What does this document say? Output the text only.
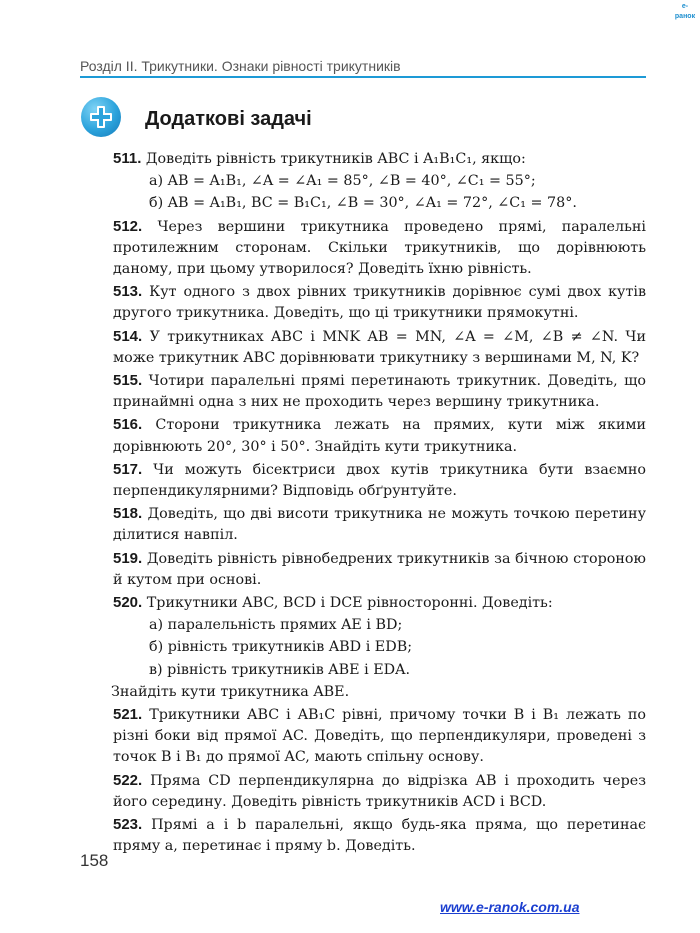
e-ранок
Розділ ІІ. Трикутники. Ознаки рівності трикутників
Додаткові задачі
511. Доведіть рівність трикутників ABC і A₁B₁C₁, якщо:
а) AB = A₁B₁, ∠A = ∠A₁ = 85°, ∠B = 40°, ∠C₁ = 55°;
б) AB = A₁B₁, BC = B₁C₁, ∠B = 30°, ∠A₁ = 72°, ∠C₁ = 78°.
512. Через вершини трикутника проведено прямі, паралельні протилежним сторонам. Скільки трикутників, що дорівнюють даному, при цьому утворилося? Доведіть їхню рівність.
513. Кут одного з двох рівних трикутників дорівнює сумі двох кутів другого трикутника. Доведіть, що ці трикутники прямокутні.
514. У трикутниках ABC і MNK AB = MN, ∠A = ∠M, ∠B ≠ ∠N. Чи може трикутник ABC дорівнювати трикутнику з вершинами M, N, K?
515. Чотири паралельні прямі перетинають трикутник. Доведіть, що принаймні одна з них не проходить через вершину трикутника.
516. Сторони трикутника лежать на прямих, кути між якими дорівнюють 20°, 30° і 50°. Знайдіть кути трикутника.
517. Чи можуть бісектриси двох кутів трикутника бути взаємно перпендикулярними? Відповідь обґрунтуйте.
518. Доведіть, що дві висоти трикутника не можуть точкою перетину ділитися навпіл.
519. Доведіть рівність рівнобедрених трикутників за бічною стороною й кутом при основі.
520. Трикутники ABC, BCD і DCE рівносторонні. Доведіть:
а) паралельність прямих AE і BD;
б) рівність трикутників ABD і EDB;
в) рівність трикутників ABE і EDA.
Знайдіть кути трикутника ABE.
521. Трикутники ABC і AB₁C рівні, причому точки B і B₁ лежать по різні боки від прямої AC. Доведіть, що перпендикуляри, проведені з точок B і B₁ до прямої AC, мають спільну основу.
522. Пряма CD перпендикулярна до відрізка AB і проходить через його середину. Доведіть рівність трикутників ACD і BCD.
523. Прямі a і b паралельні, якщо будь-яка пряма, що перетинає пряму a, перетинає і пряму b. Доведіть.
158
www.e-ranok.com.ua
